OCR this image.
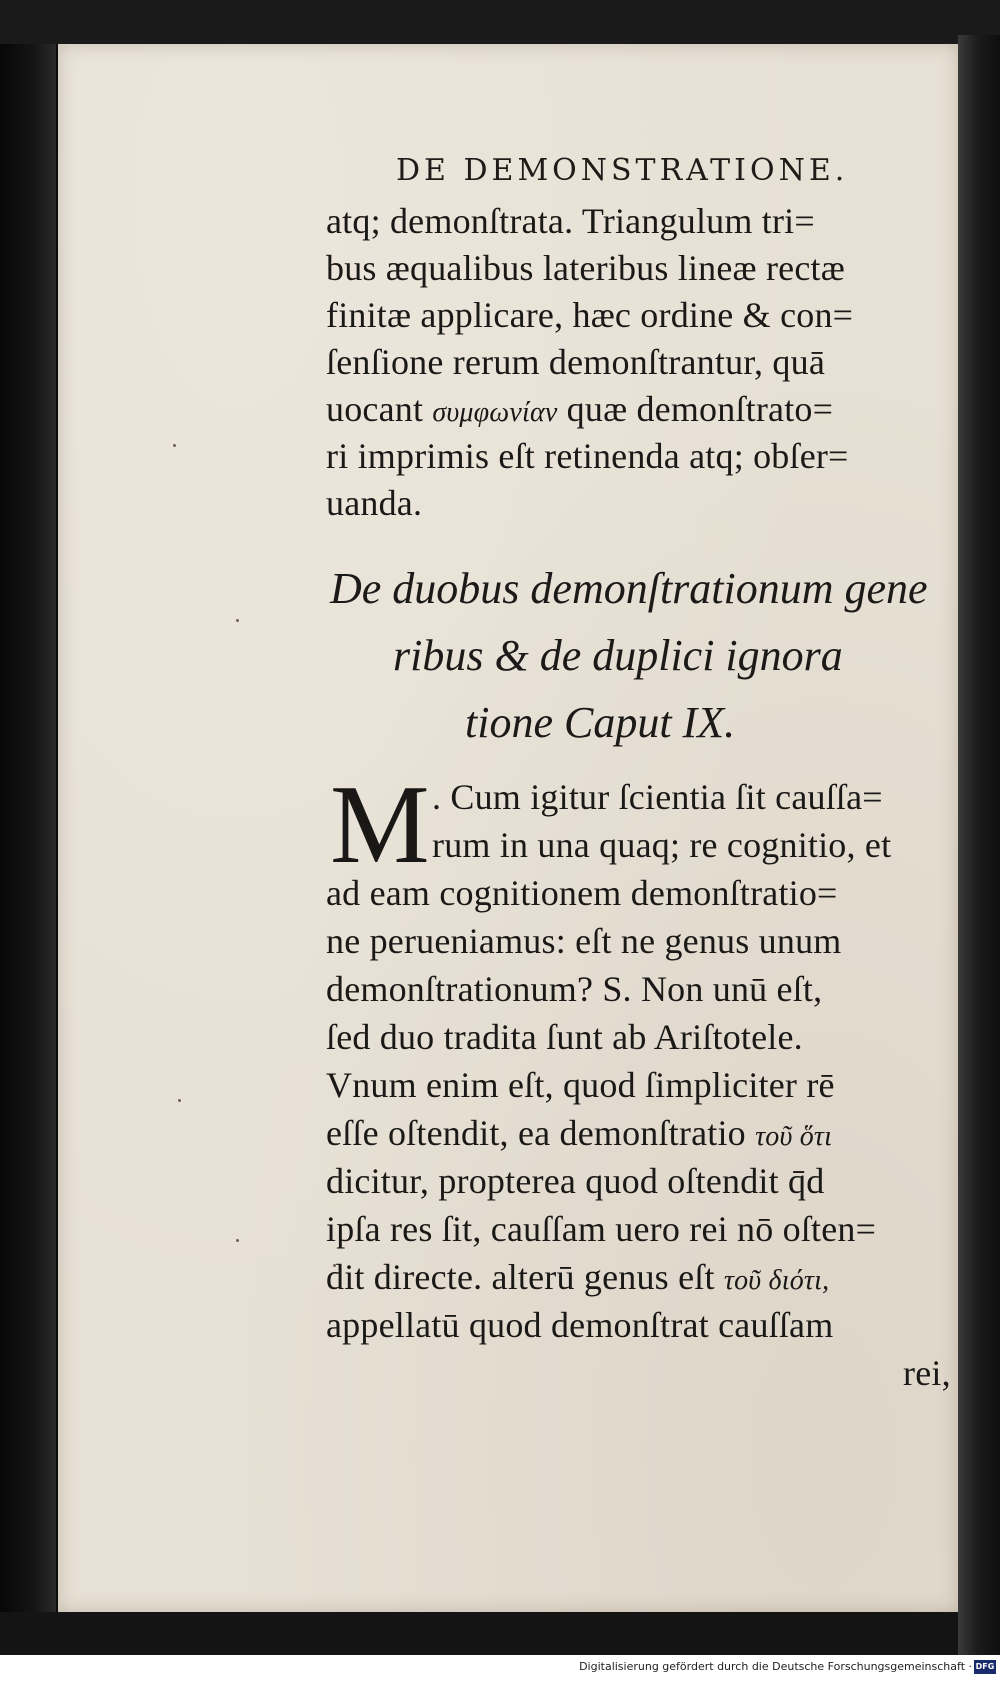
DE DEMONSTRATIONE.
atq; demonſtrata. Triangulum tri=
bus æqualibus lateribus lineæ rectæ
finitæ applicare, hæc ordine & con=
ſenſione rerum demonſtrantur, quā
uocant συμφωνίαν quæ demonſtrato=
ri imprimis eſt retinenda atq; obſer=
uanda.
De duobus demonſtrationum gene
ribus & de duplici ignora
tione Caput IX.
M . Cum igitur ſcientia ſit cauſſa=
rum in una quaq; re cognitio, et
ad eam cognitionem demonſtratio=
ne perueniamus: eſt ne genus unum
demonſtrationum? S. Non unū eſt,
ſed duo tradita ſunt ab Ariſtotele.
Vnum enim eſt, quod ſimpliciter rē
eſſe oſtendit, ea demonſtratio τοῦ ὅτι
dicitur, propterea quod oſtendit q̄d
ipſa res ſit, cauſſam uero rei nō oſten=
dit directe. alterū genus eſt τοῦ διότι,
appellatū quod demonſtrat cauſſam
rei,
Digitalisierung gefördert durch die Deutsche Forschungsgemeinschaft · DFG
